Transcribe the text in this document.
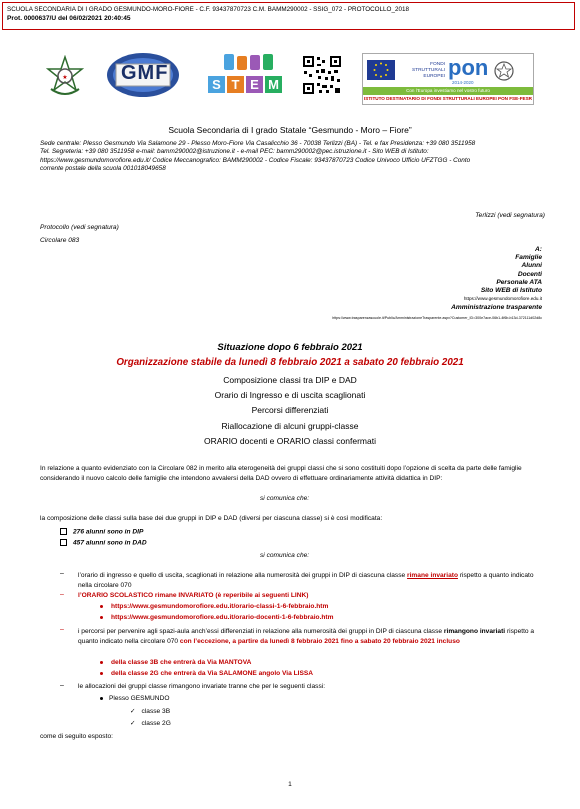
SCUOLA SECONDARIA DI I GRADO GESMUNDO-MORO-FIORE - C.F. 93437870723 C.M. BAMM290002 - SSIG_072 - PROTOCOLLO_2018
Prot. 0000637/U del 06/02/2021 20:40:45
★	GMF
S T E M
FONDI STRUTTURALI EUROPEI pon
2014-2020
Con l'Europa investiamo nel vostro futuro
ISTITUTO DESTINATARIO DI FONDI STRUTTURALI EUROPEI PON FSE-FESR
Scuola Secondaria di I grado Statale “Gesmundo - Moro – Fiore”
Sede centrale: Plesso Gesmundo Via Salamone 29 - Plesso Moro-Fiore Via Casalicchio 36 - 70038 Terlizzi (BA) - Tel. e fax Presidenza: +39 080 3511958
Tel. Segreteria: +39 080 3511958 e-mail: bamm290002@istruzione.it - e-mail PEC: bamm290002@pec.istruzione.it - Sito WEB di Istituto:
https://www.gesmundomorofiore.edu.it/ Codice Meccanografico: BAMM290002 - Codice Fiscale: 93437870723 Codice Univoco Ufficio UFZTGG - Conto
corrente postale della scuola 001018049658
Terlizzi (vedi segnatura)
Protocollo (vedi segnatura)
Circolare 083
A:
Famiglie
Alunni
Docenti
Personale ATA
Sito WEB di Istituto
https://www.gesmundomorofiore.edu.it
Amministrazione trasparente
https://www.trasparenzascuole.it/Public/AmministrazioneTrasparente.aspx?Customer_ID=300e7ace-06b1-4f6b-b13d-372111d02d8c
Situazione dopo 6 febbraio 2021
Organizzazione stabile da lunedì 8 febbraio 2021 a sabato 20 febbraio 2021
Composizione classi tra DIP e DAD
Orario di Ingresso e di uscita scaglionati
Percorsi differenziati
Riallocazione di alcuni gruppi-classe
ORARIO docenti e ORARIO classi confermati
In relazione a quanto evidenziato con la Circolare 082 in merito alla eterogeneità dei gruppi classi che si sono costituiti dopo l’opzione di scelta da parte delle famiglie considerando il nuovo calcolo delle famiglie che intendono avvalersi della DAD ovvero di effettuare ordinariamente attività didattica in DIP:
si comunica che:
la composizione delle classi sulla base dei due gruppi in DIP e DAD (diversi per ciascuna classe) si è così modificata:
276 alunni sono in DIP
457 alunni sono in DAD
si comunica che:
– l’orario di ingresso e quello di uscita, scaglionati in relazione alla numerosità dei gruppi in DIP di ciascuna classe rimane invariato rispetto a quanto indicato nella circolare 070
– l’ORARIO SCOLASTICO rimane INVARIATO (è reperibile ai seguenti LINK)
https://www.gesmundomorofiore.edu.it/orario-classi-1-6-febbraio.htm
https://www.gesmundomorofiore.edu.it/orario-docenti-1-6-febbraio.htm
– i percorsi per pervenire agli spazi-aula anch’essi differenziati in relazione alla numerosità dei gruppi in DIP di ciascuna classe rimangono invariati rispetto a quanto indicato nella circolare 070 con l’eccezione, a partire da lunedì 8 febbraio 2021 fino a sabato 20 febbraio 2021 incluso
della classe 3B che entrerà da Via MANTOVA
della classe 2G che entrerà da Via SALAMONE angolo Via LISSA
– le allocazioni dei gruppi classe rimangono invariate tranne che per le seguenti classi:
Plesso GESMUNDO
✓ classe 3B
✓ classe 2G
come di seguito esposto:
1
